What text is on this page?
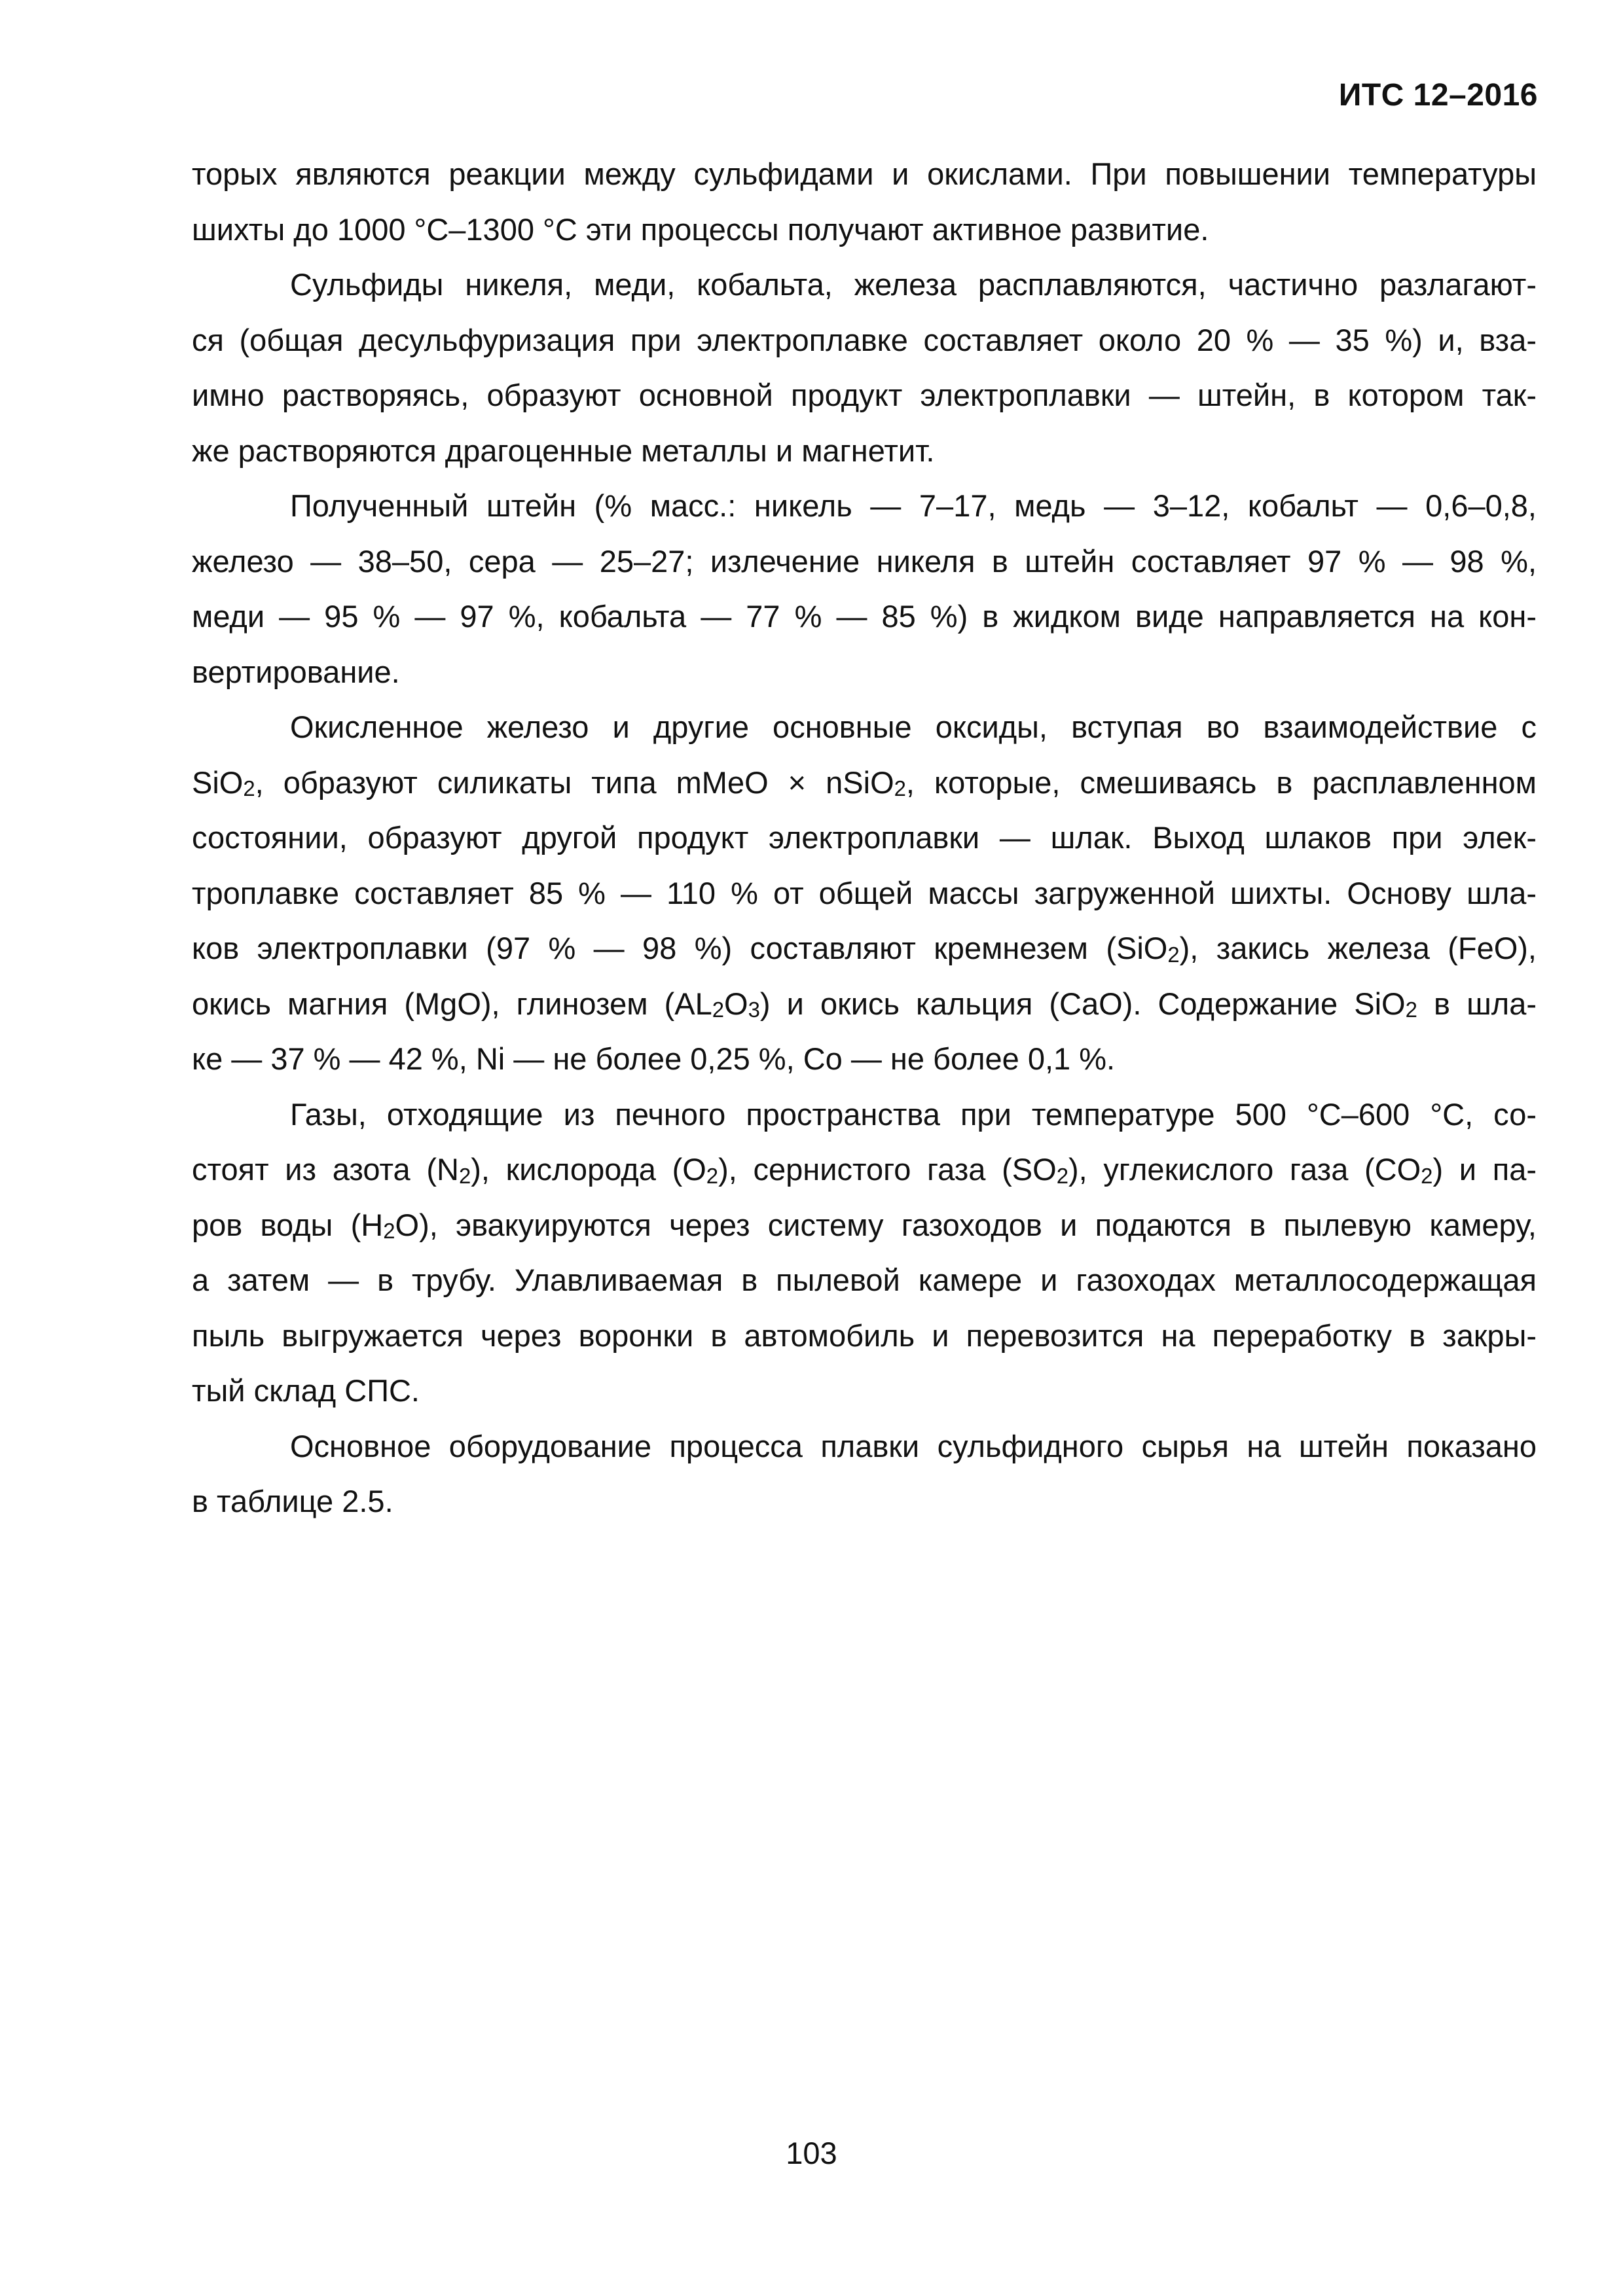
ИТС 12–2016
торых являются реакции между сульфидами и окислами. При повышении температуры
шихты до 1000 °С–1300 °С эти процессы получают активное развитие.
Сульфиды никеля, меди, кобальта, железа расплавляются, частично разлагают-
ся (общая десульфуризация при электроплавке составляет около 20 % — 35 %) и, вза-
имно растворяясь, образуют основной продукт электроплавки — штейн, в котором так-
же растворяются драгоценные металлы и магнетит.
Полученный штейн (% масс.: никель — 7–17, медь — 3–12, кобальт — 0,6–0,8,
железо — 38–50, сера — 25–27; излечение никеля в штейн составляет 97 % — 98 %,
меди — 95 % — 97 %, кобальта — 77 % — 85 %) в жидком виде направляется на кон-
вертирование.
Окисленное железо и другие основные оксиды, вступая во взаимодействие с
SiO2, образуют силикаты типа mMeO × nSiO2, которые, смешиваясь в расплавленном
состоянии, образуют другой продукт электроплавки — шлак. Выход шлаков при элек-
троплавке составляет 85 % — 110 % от общей массы загруженной шихты. Основу шла-
ков электроплавки (97 % — 98 %) составляют кремнезем (SiO2), закись железа (FeO),
окись магния (MgO), глинозем (AL2O3) и окись кальция (CaO). Содержание SiO2 в шла-
ке — 37 % — 42 %, Ni — не более 0,25 %, Co — не более 0,1 %.
Газы, отходящие из печного пространства при температуре 500 °С–600 °С, со-
стоят из азота (N2), кислорода (O2), сернистого газа (SO2), углекислого газа (CO2) и па-
ров воды (H2O), эвакуируются через систему газоходов и подаются в пылевую камеру,
а затем — в трубу. Улавливаемая в пылевой камере и газоходах металлосодержащая
пыль выгружается через воронки в автомобиль и перевозится на переработку в закры-
тый склад СПС.
Основное оборудование процесса плавки сульфидного сырья на штейн показано
в таблице 2.5.
103
